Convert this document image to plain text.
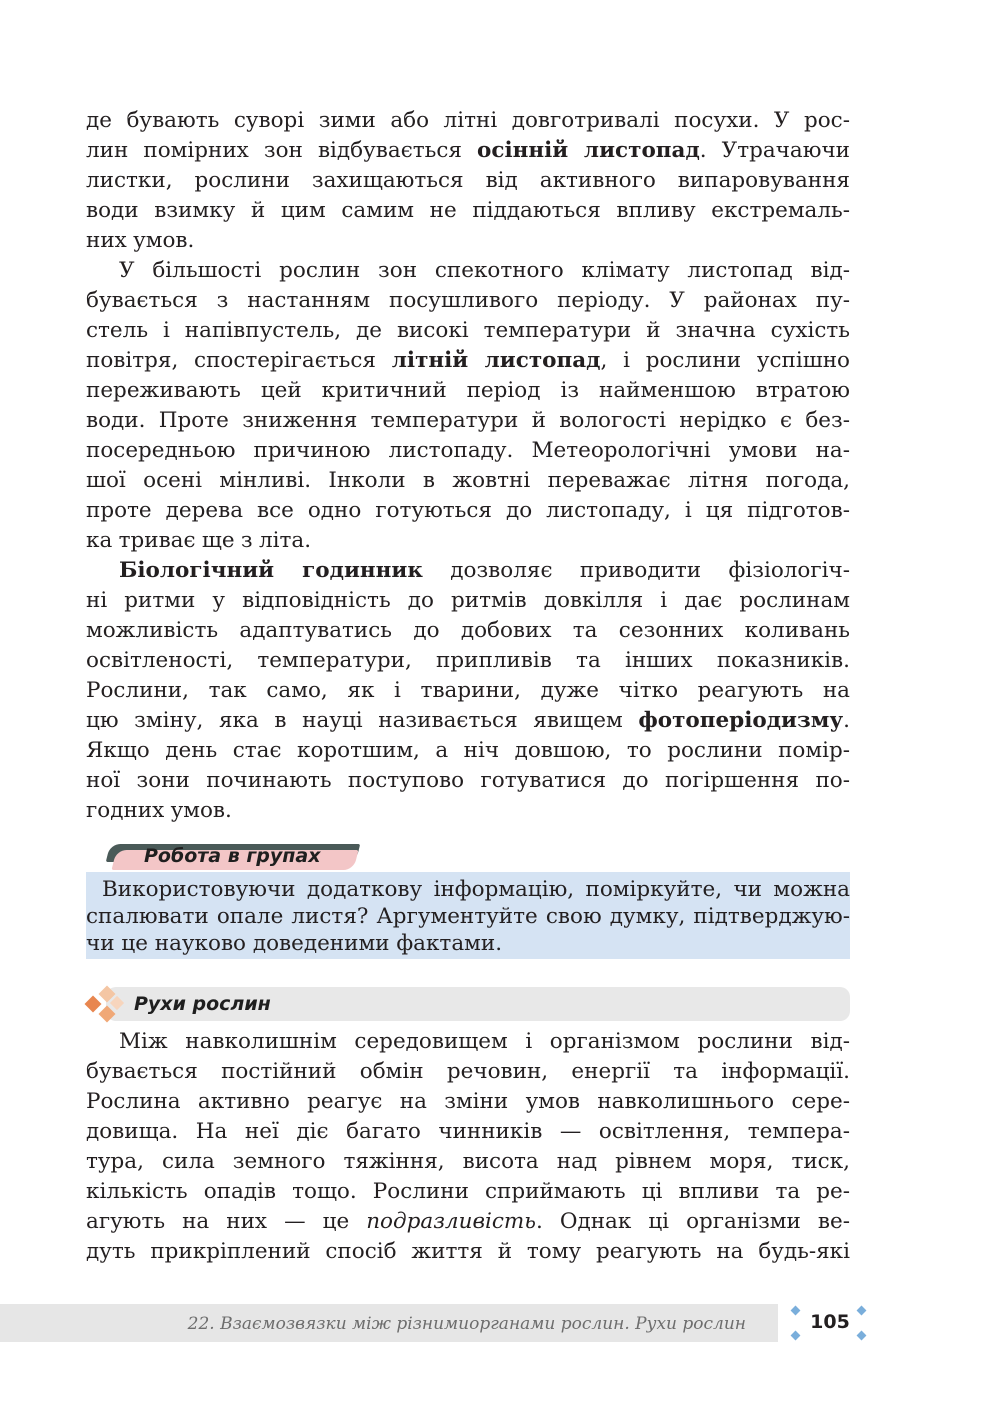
де бувають суворі зими або літні довготривалі посухи. У рос-
лин помірних зон відбувається осінній листопад. Утрачаючи
листки, рослини захищаються від активного випаровування
води взимку й цим самим не піддаються впливу екстремаль-
них умов.

У більшості рослин зон спекотного клімату листопад від-
бувається з настанням посушливого періоду. У районах пу-
стель і напівпустель, де високі температури й значна сухість
повітря, спостерігається літній листопад, і рослини успішно
переживають цей критичний період із найменшою втратою
води. Проте зниження температури й вологості нерідко є без-
посередньою причиною листопаду. Метеорологічні умови на-
шої осені мінливі. Інколи в жовтні переважає літня погода,
проте дерева все одно готуються до листопаду, і ця підготов-
ка триває ще з літа.

Біологічний годинник дозволяє приводити фізіологіч-
ні ритми у відповідність до ритмів довкілля і дає рослинам
можливість адаптуватись до добових та сезонних коливань
освітленості, температури, припливів та інших показників.
Рослини, так само, як і тварини, дуже чітко реагують на
цю зміну, яка в науці називається явищем фотоперіодизму.
Якщо день стає коротшим, а ніч довшою, то рослини помір-
ної зони починають поступово готуватися до погіршення по-
годних умов.

Робота в групах
Використовуючи додаткову інформацію, поміркуйте, чи можна
спалювати опале листя? Аргументуйте свою думку, підтверджую-
чи це науково доведеними фактами.
Рухи рослин

Між навколишнім середовищем і організмом рослини від-
бувається постійний обмін речовин, енергії та інформації.
Рослина активно реагує на зміни умов навколишнього сере-
довища. На неї діє багато чинників — освітлення, темпера-
тура, сила земного тяжіння, висота над рівнем моря, тиск,
кількість опадів тощо. Рослини сприймають ці впливи та ре-
агують на них — це подразливість. Однак ці організми ве-
дуть прикріплений спосіб життя й тому реагують на будь-які

22. Взаємозвязки між різнимиорганами рослин. Рухи рослин	105
